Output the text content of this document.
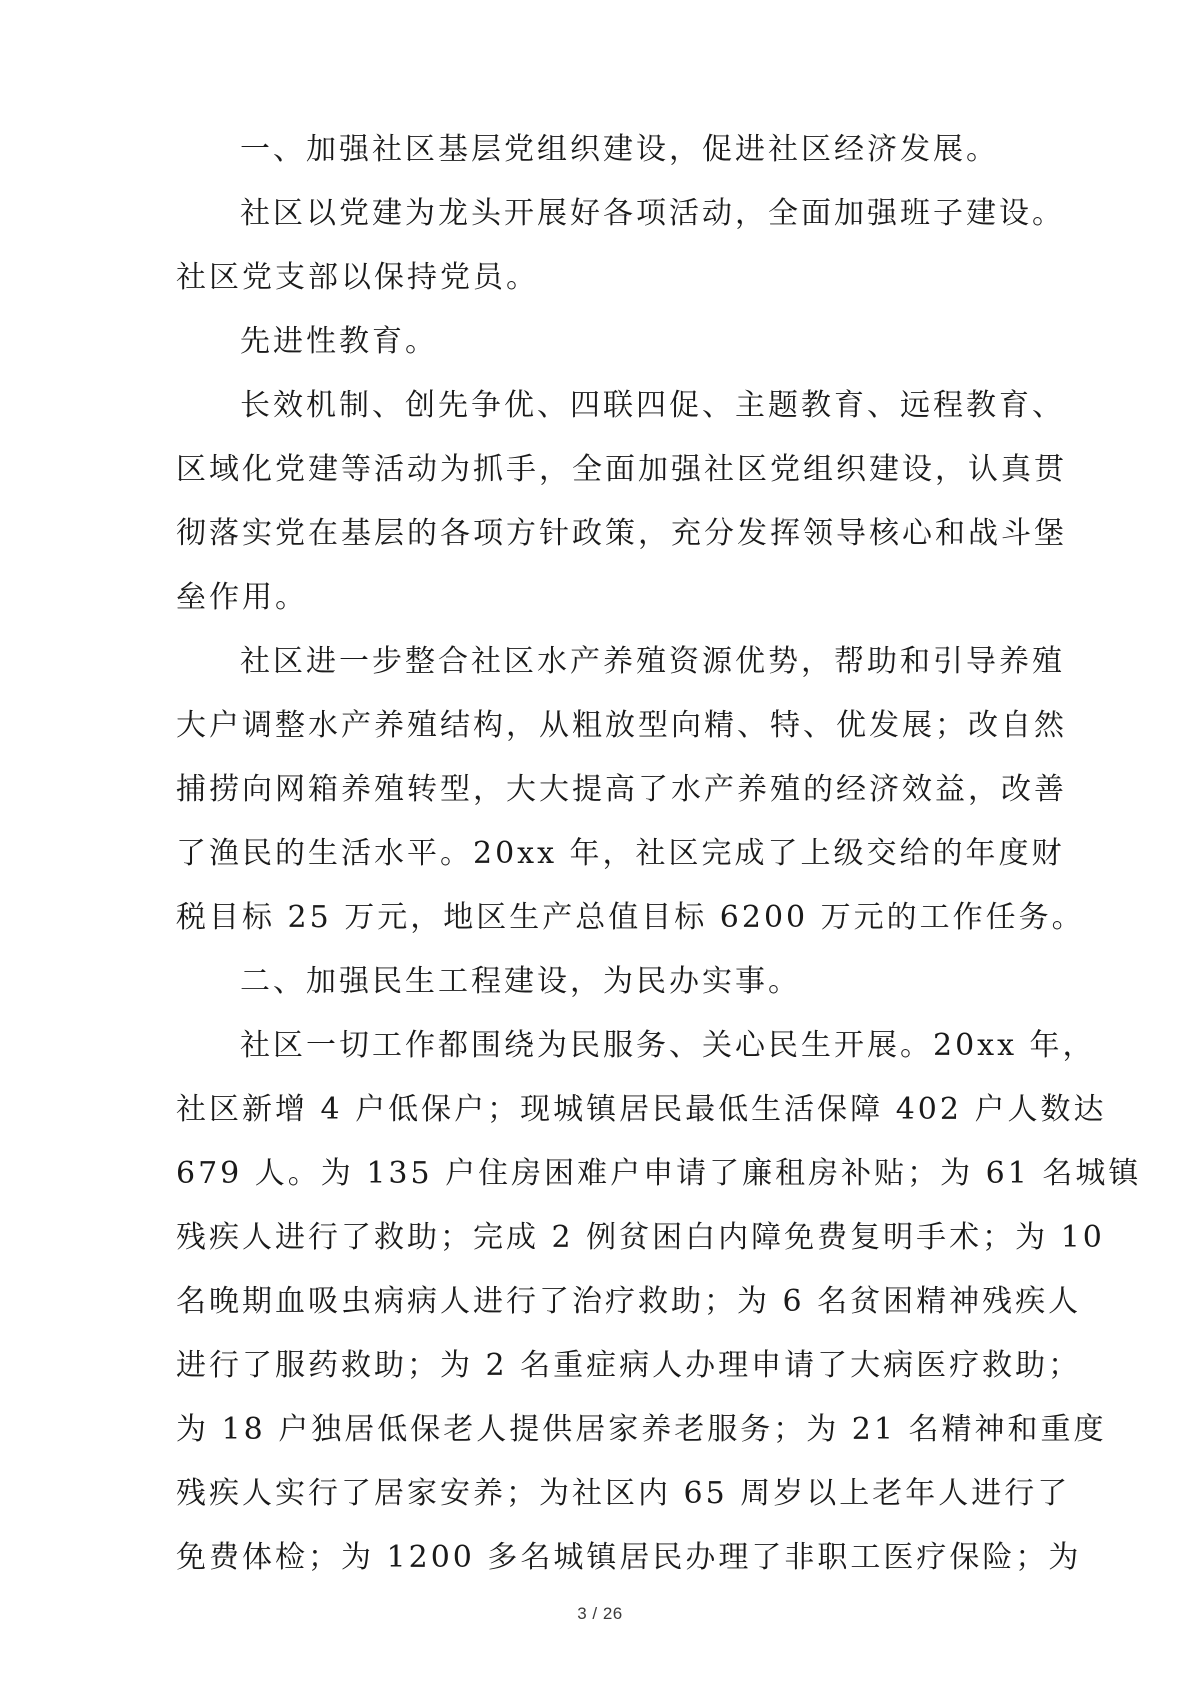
一、加强社区基层党组织建设，促进社区经济发展。
社区以党建为龙头开展好各项活动，全面加强班子建设。
社区党支部以保持党员。
先进性教育。
长效机制、创先争优、四联四促、主题教育、远程教育、
区域化党建等活动为抓手，全面加强社区党组织建设，认真贯
彻落实党在基层的各项方针政策，充分发挥领导核心和战斗堡
垒作用。
社区进一步整合社区水产养殖资源优势，帮助和引导养殖
大户调整水产养殖结构，从粗放型向精、特、优发展；改自然
捕捞向网箱养殖转型，大大提高了水产养殖的经济效益，改善
了渔民的生活水平。20xx 年，社区完成了上级交给的年度财
税目标 25 万元，地区生产总值目标 6200 万元的工作任务。
二、加强民生工程建设，为民办实事。
社区一切工作都围绕为民服务、关心民生开展。20xx 年，
社区新增 4 户低保户；现城镇居民最低生活保障 402 户人数达
679 人。为 135 户住房困难户申请了廉租房补贴；为 61 名城镇
残疾人进行了救助；完成 2 例贫困白内障免费复明手术；为 10
名晚期血吸虫病病人进行了治疗救助；为 6 名贫困精神残疾人
进行了服药救助；为 2 名重症病人办理申请了大病医疗救助；
为 18 户独居低保老人提供居家养老服务；为 21 名精神和重度
残疾人实行了居家安养；为社区内 65 周岁以上老年人进行了
免费体检；为 1200 多名城镇居民办理了非职工医疗保险；为
3 / 26
